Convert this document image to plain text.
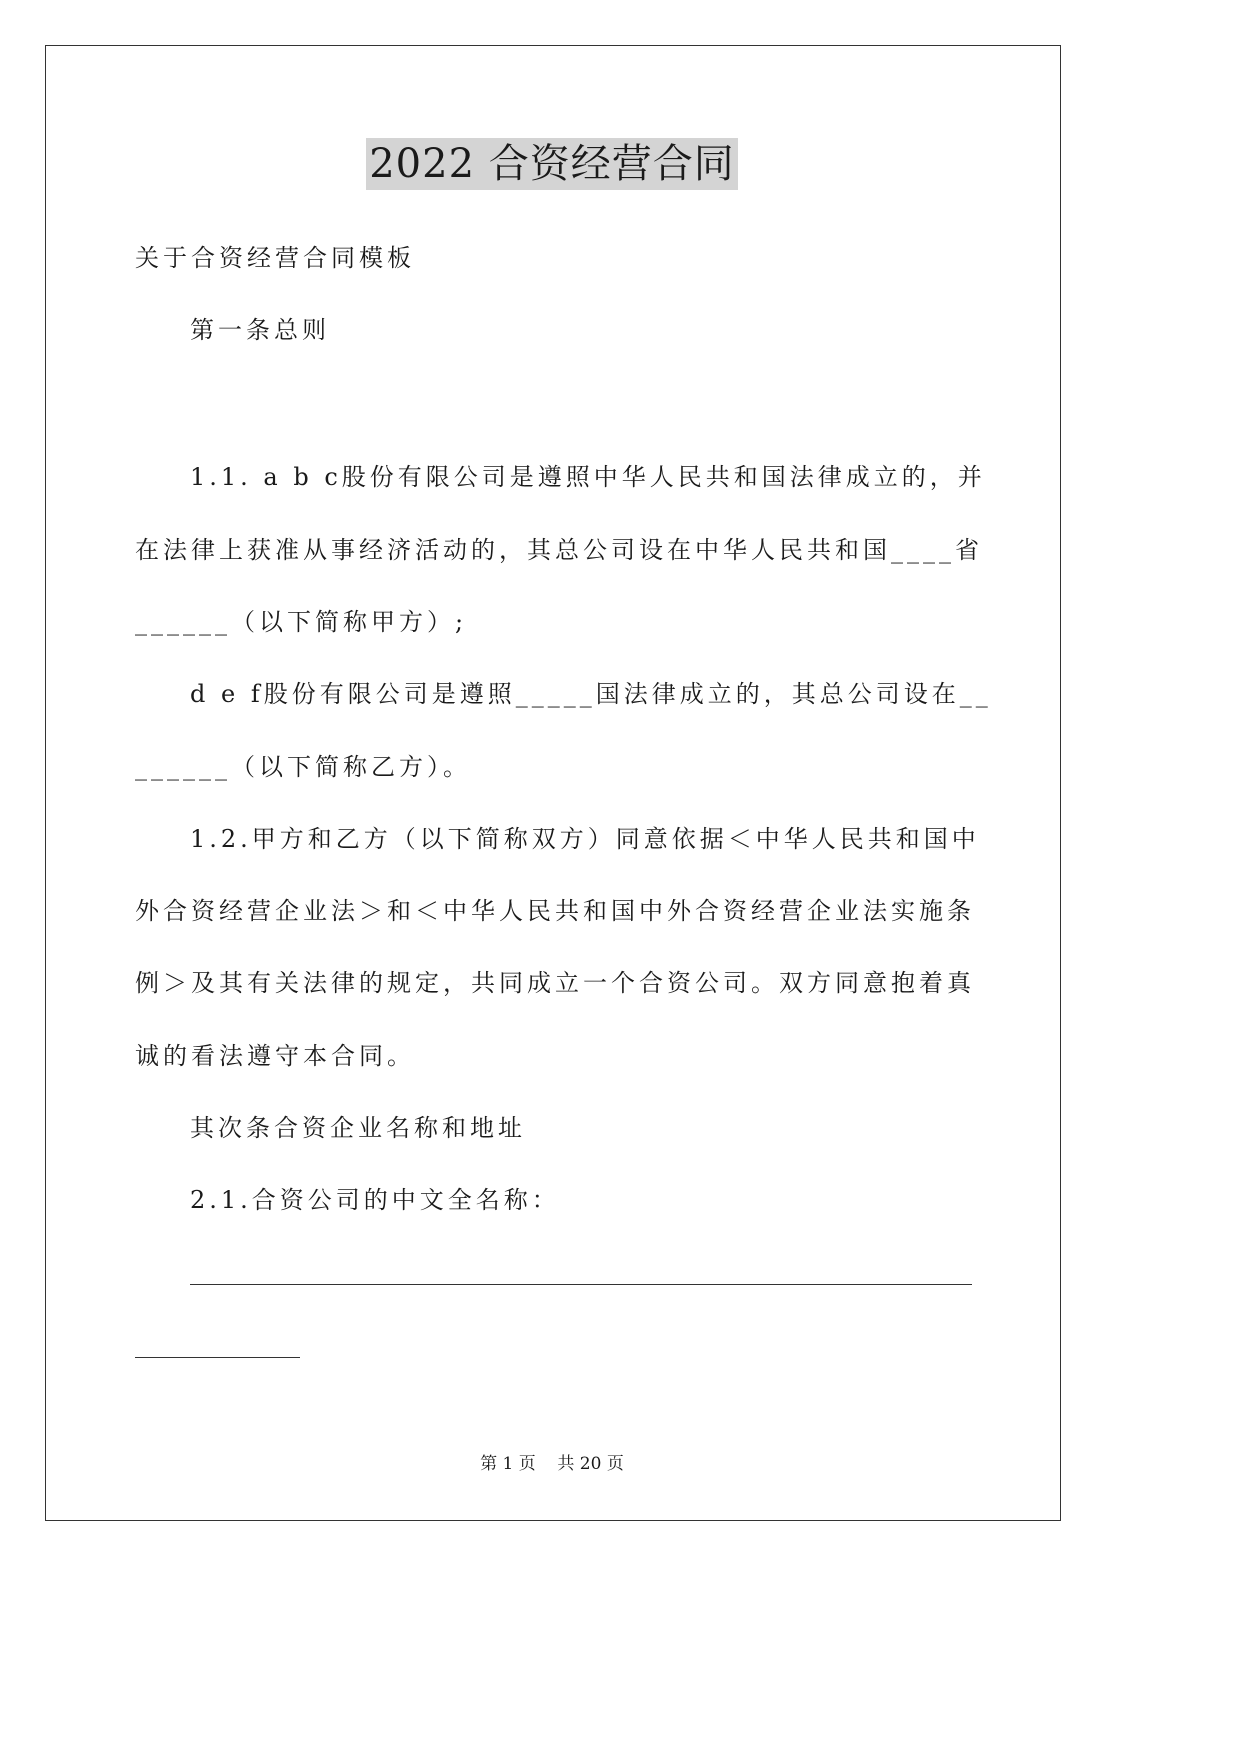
2022 合资经营合同
关于合资经营合同模板
第一条总则
1.1. a b c股份有限公司是遵照中华人民共和国法律成立的，并
在法律上获准从事经济活动的，其总公司设在中华人民共和国____省
______（以下简称甲方）;
d e f股份有限公司是遵照_____国法律成立的，其总公司设在__
______（以下简称乙方）。
1.2.甲方和乙方（以下简称双方）同意依据＜中华人民共和国中
外合资经营企业法＞和＜中华人民共和国中外合资经营企业法实施条
例＞及其有关法律的规定，共同成立一个合资公司。双方同意抱着真
诚的看法遵守本合同。
其次条合资企业名称和地址
2.1.合资公司的中文全名称：
第 1 页    共 20 页
